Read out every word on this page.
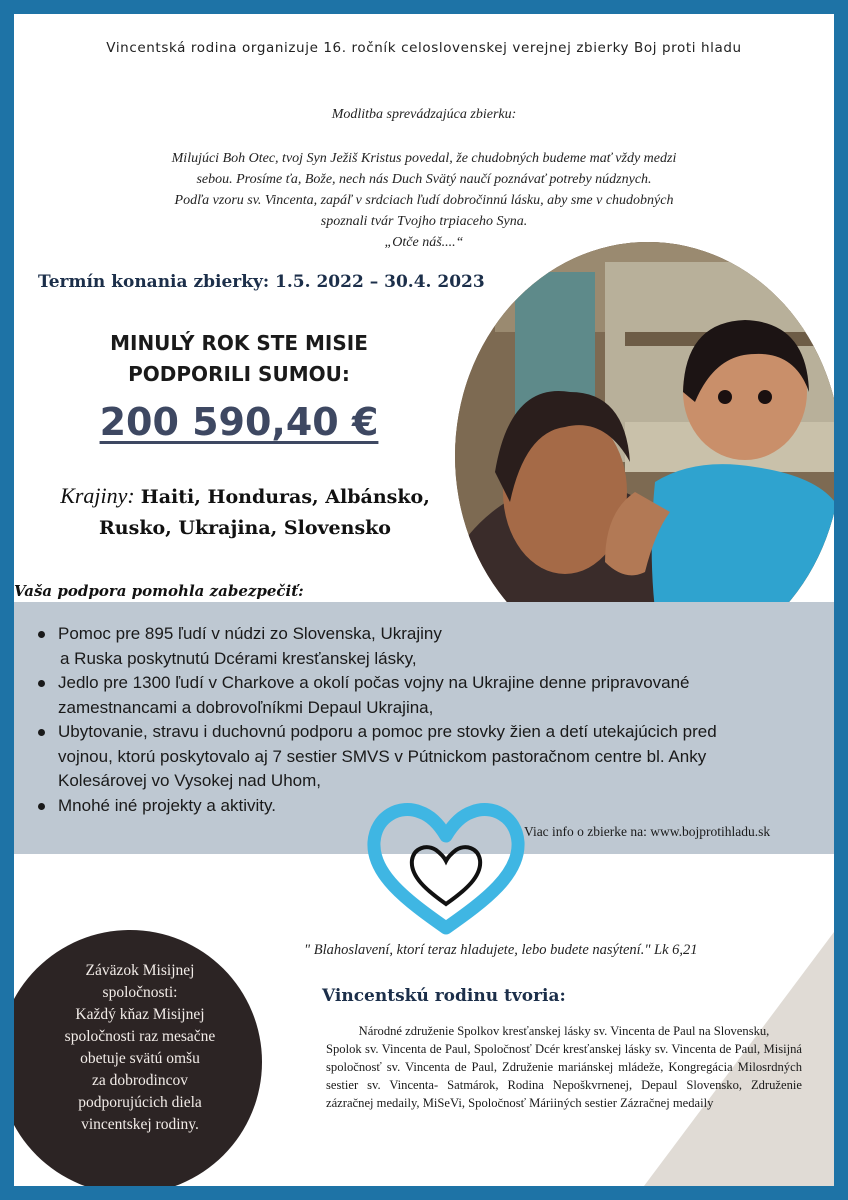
Vincentská rodina organizuje 16. ročník celoslovenskej verejnej zbierky Boj proti hladu
Modlitba sprevádzajúca zbierku:
Milujúci Boh Otec, tvoj Syn Ježiš Kristus povedal, že chudobných budeme mať vždy medzi
sebou. Prosíme ťa, Bože, nech nás Duch Svätý naučí poznávať potreby núdznych.
Podľa vzoru sv. Vincenta, zapáľ v srdciach ľudí dobročinnú lásku, aby sme v chudobných
spoznali tvár Tvojho trpiaceho Syna.
„Otče náš....“
Termín konania zbierky: 1.5. 2022 – 30.4. 2023
MINULÝ ROK STE MISIE
PODPORILI SUMOU:
200 590,40 €
Krajiny: Haiti, Honduras, Albánsko,
Rusko, Ukrajina, Slovensko
Vaša podpora pomohla zabezpečiť:
Pomoc pre 895 ľudí v núdzi zo Slovenska, Ukrajiny
a Ruska poskytnutú Dcérami kresťanskej lásky,
Jedlo pre 1300 ľudí v Charkove a okolí počas vojny na Ukrajine denne pripravované
zamestnancami a dobrovoľníkmi Depaul Ukrajina,
Ubytovanie, stravu i duchovnú podporu a pomoc pre stovky žien a detí utekajúcich pred
vojnou, ktorú poskytovalo aj 7 sestier SMVS v Pútnickom pastoračnom centre bl. Anky
Kolesárovej vo Vysokej nad Uhom,
Mnohé iné projekty a aktivity.
Viac info o zbierke na: www.bojprotihladu.sk
Záväzok Misijnej
spoločnosti:
Každý kňaz Misijnej
spoločnosti raz mesačne
obetuje svätú omšu
za dobrodincov
podporujúcich diela
vincentskej rodiny.
" Blahoslavení, ktorí teraz hladujete, lebo budete nasýtení." Lk 6,21
Vincentskú rodinu tvoria:
Národné združenie Spolkov kresťanskej lásky sv. Vincenta de Paul na Slovensku,
Spolok sv. Vincenta de Paul, Spoločnosť Dcér kresťanskej lásky sv. Vincenta de Paul, Misijná spoločnosť sv. Vincenta de Paul, Združenie mariánskej mládeže, Kongregácia Milosrdných sestier sv. Vincenta- Satmárok, Rodina Nepoškvrnenej, Depaul Slovensko, Združenie zázračnej medaily, MiSeVi, Spoločnosť Máriiných sestier Zázračnej medaily
